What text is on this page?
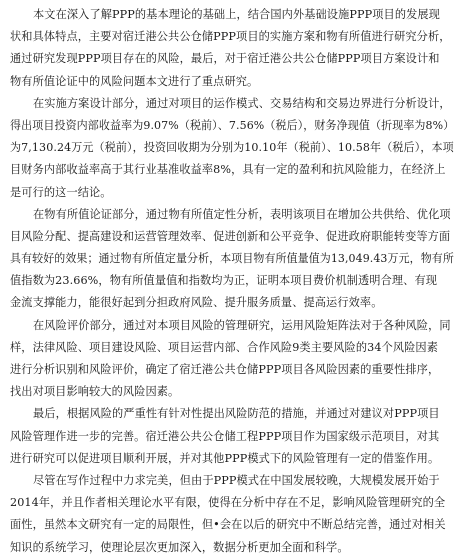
本文在深入了解PPP的基本理论的基础上，结合国内外基础设施PPP项目的发展现
状和具体特点，主要对宿迁港公共公仓储PPP项目的实施方案和物有所值进行研究分析，
通过研究发现PPP项目存在的风险，最后，对于宿迁港公共公仓储PPP项目方案设计和
物有所值论证中的风险问题本文进行了重点研究。
在实施方案设计部分，通过对项目的运作模式、交易结构和交易边界进行分析设计，
得出项目投资内部收益率为9.07%（税前）、7.56%（税后），财务净现值（折现率为8%）
为7,130.24万元（税前），投资回收期为分别为10.10年（税前）、10.58年（税后），本项
目财务内部收益率高于其行业基准收益率8%，具有一定的盈利和抗风险能力，在经济上
是可行的这一结论。
在物有所值论证部分，通过物有所值定性分析，表明该项目在增加公共供给、优化项
目风险分配、提高建设和运营管理效率、促进创新和公平竞争、促进政府职能转变等方面
具有较好的效果；通过物有所值定量分析，本项目物有所值量值为13,049.43万元，物有所
值指数为23.66%，物有所值量值和指数均为正，证明本项目费价机制透明合理、有现
金流支撑能力，能很好起到分担政府风险、提升服务质量、提高运行效率。
在风险评价部分，通过对本项目风险的管理研究，运用风险矩阵法对于各种风险，同
样，法律风险、项目建设风险、项目运营内部、合作风险9类主要风险的34个风险因素
进行分析识别和风险评价，确定了宿迁港公共仓储PPP项目各风险因素的重要性排序，
找出对项目影响较大的风险因素。
最后，根据风险的严重性有针对性提出风险防范的措施，并通过对建议对PPP项目
风险管理作进一步的完善。宿迁港公共公仓储工程PPP项目作为国家级示范项目，对其
进行研究可以促进项目顺利开展，并对其他PPP模式下的风险管理有一定的借鉴作用。
尽管在写作过程中力求完美，但由于PPP模式在中国发展较晚，大规模发展开始于
2014年，并且作者相关理论水平有限，使得在分析中存在不足，影响风险管理研究的全
面性，虽然本文研究有一定的局限性，但•会在以后的研究中不断总结完善，通过对相关
知识的系统学习，使理论层次更加深入，数据分析更加全面和科学。
